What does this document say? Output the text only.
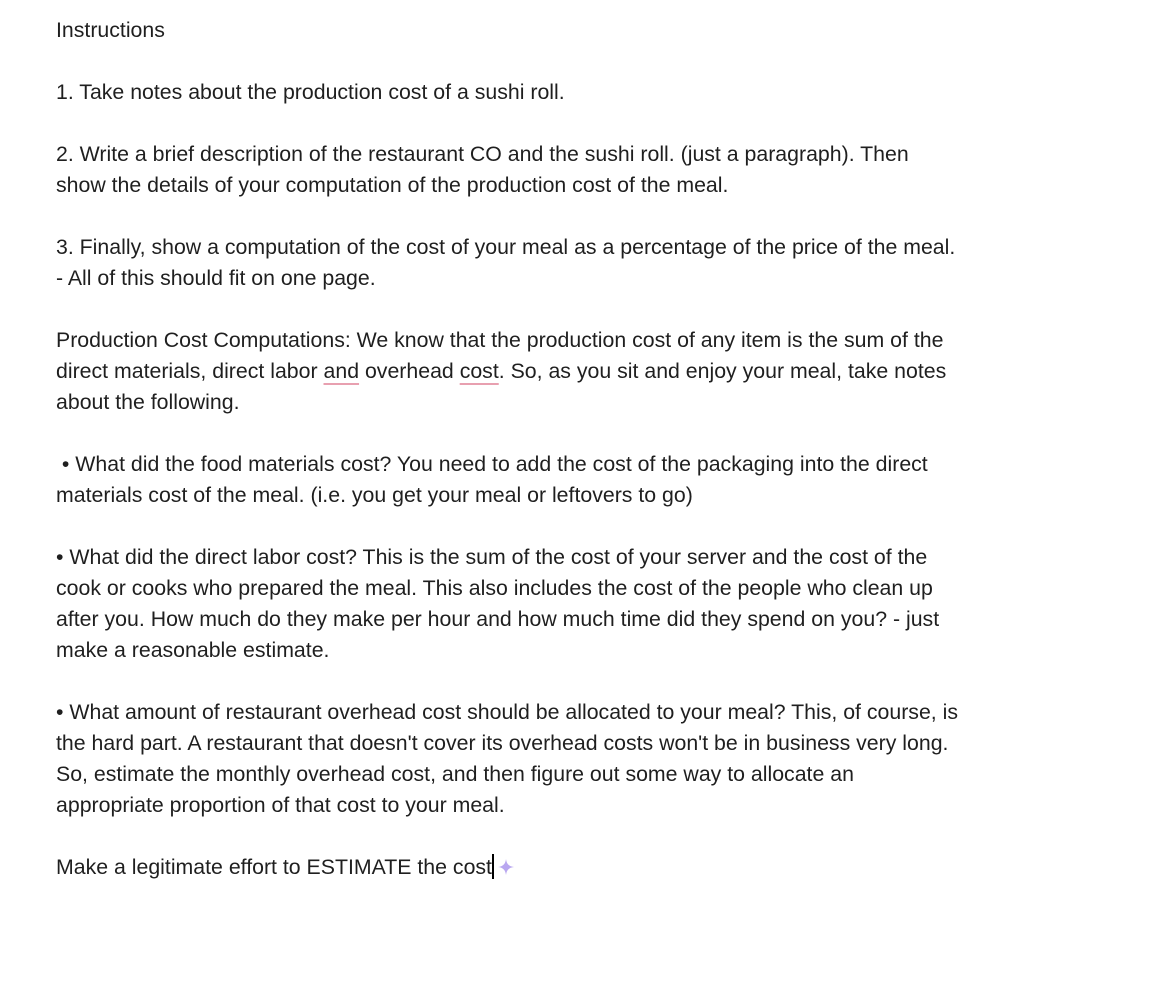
Instructions
1. Take notes about the production cost of a sushi roll.
2. Write a brief description of the restaurant CO and the sushi roll. (just a paragraph). Then
show the details of your computation of the production cost of the meal.
3. Finally, show a computation of the cost of your meal as a percentage of the price of the meal.
- All of this should fit on one page.
Production Cost Computations: We know that the production cost of any item is the sum of the
direct materials, direct labor and overhead cost. So, as you sit and enjoy your meal, take notes
about the following.
• What did the food materials cost? You need to add the cost of the packaging into the direct
materials cost of the meal. (i.e. you get your meal or leftovers to go)
• What did the direct labor cost? This is the sum of the cost of your server and the cost of the
cook or cooks who prepared the meal. This also includes the cost of the people who clean up
after you. How much do they make per hour and how much time did they spend on you? - just
make a reasonable estimate.
• What amount of restaurant overhead cost should be allocated to your meal? This, of course, is
the hard part. A restaurant that doesn't cover its overhead costs won't be in business very long.
So, estimate the monthly overhead cost, and then figure out some way to allocate an
appropriate proportion of that cost to your meal.
Make a legitimate effort to ESTIMATE the cost
